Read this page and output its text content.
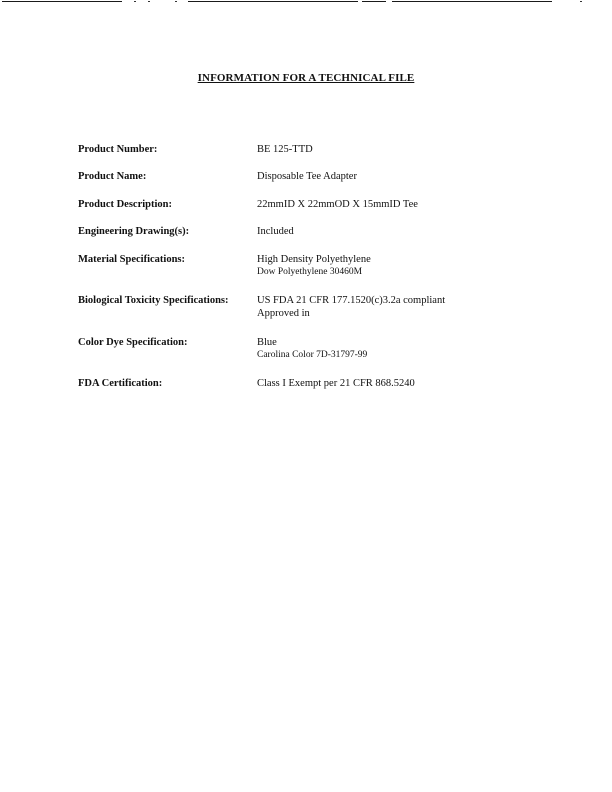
INFORMATION FOR A TECHNICAL FILE
Product Number:	BE 125-TTD
Product Name:	Disposable Tee Adapter
Product Description:	22mmID X 22mmOD X 15mmID Tee
Engineering Drawing(s):	Included
Material Specifications:	High Density Polyethylene
Dow Polyethylene 30460M
Biological Toxicity Specifications:	US FDA 21 CFR 177.1520(c)3.2a compliant
Approved in
Color Dye Specification:	Blue
Carolina Color 7D-31797-99
FDA Certification:	Class I Exempt per 21 CFR 868.5240
